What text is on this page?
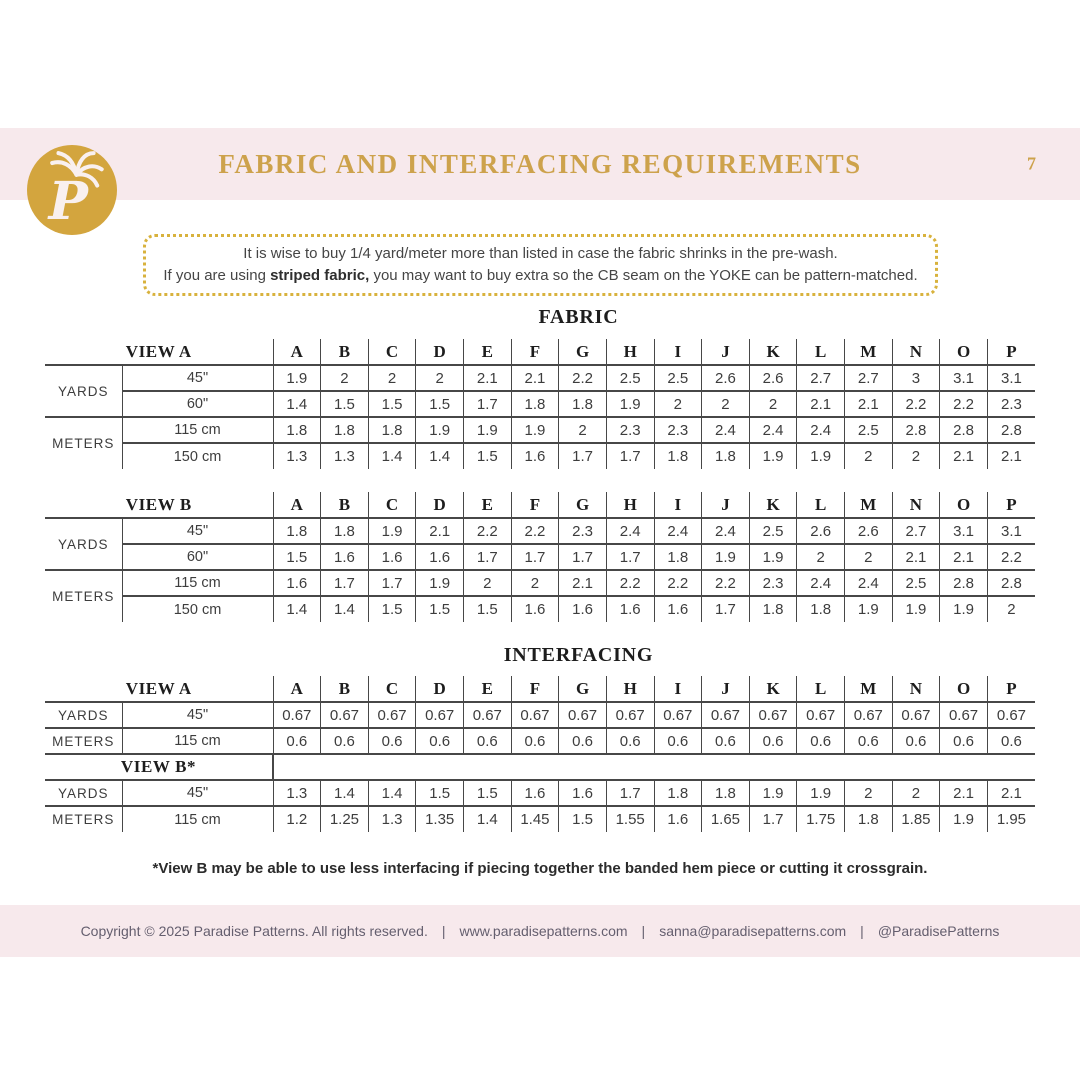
FABRIC AND INTERFACING REQUIREMENTS	7
P
It is wise to buy 1/4 yard/meter more than listed in case the fabric shrinks in the pre-wash.
If you are using striped fabric, you may want to buy extra so the CB seam on the YOKE can be pattern-matched.
FABRIC
VIEW A		A	B	C	D	E	F	G	H	I	J	K	L	M	N	O	P
YARDS	45"	1.9	2	2	2	2.1	2.1	2.2	2.5	2.5	2.6	2.6	2.7	2.7	3	3.1	3.1
	60"	1.4	1.5	1.5	1.5	1.7	1.8	1.8	1.9	2	2	2	2.1	2.1	2.2	2.2	2.3
METERS	115 cm	1.8	1.8	1.8	1.9	1.9	1.9	2	2.3	2.3	2.4	2.4	2.4	2.5	2.8	2.8	2.8
	150 cm	1.3	1.3	1.4	1.4	1.5	1.6	1.7	1.7	1.8	1.8	1.9	1.9	2	2	2.1	2.1
VIEW B		A	B	C	D	E	F	G	H	I	J	K	L	M	N	O	P
YARDS	45"	1.8	1.8	1.9	2.1	2.2	2.2	2.3	2.4	2.4	2.4	2.5	2.6	2.6	2.7	3.1	3.1
	60"	1.5	1.6	1.6	1.6	1.7	1.7	1.7	1.7	1.8	1.9	1.9	2	2	2.1	2.1	2.2
METERS	115 cm	1.6	1.7	1.7	1.9	2	2	2.1	2.2	2.2	2.2	2.3	2.4	2.4	2.5	2.8	2.8
	150 cm	1.4	1.4	1.5	1.5	1.5	1.6	1.6	1.6	1.6	1.7	1.8	1.8	1.9	1.9	1.9	2
INTERFACING
VIEW A		A	B	C	D	E	F	G	H	I	J	K	L	M	N	O	P
YARDS	45"	0.67	0.67	0.67	0.67	0.67	0.67	0.67	0.67	0.67	0.67	0.67	0.67	0.67	0.67	0.67	0.67
METERS	115 cm	0.6	0.6	0.6	0.6	0.6	0.6	0.6	0.6	0.6	0.6	0.6	0.6	0.6	0.6	0.6	0.6
VIEW B*																	
YARDS	45"	1.3	1.4	1.4	1.5	1.5	1.6	1.6	1.7	1.8	1.8	1.9	1.9	2	2	2.1	2.1
METERS	115 cm	1.2	1.25	1.3	1.35	1.4	1.45	1.5	1.55	1.6	1.65	1.7	1.75	1.8	1.85	1.9	1.95
*View B may be able to use less interfacing if piecing together the banded hem piece or cutting it crossgrain.
Copyright © 2025 Paradise Patterns. All rights reserved. | www.paradisepatterns.com | sanna@paradisepatterns.com | @ParadisePatterns
